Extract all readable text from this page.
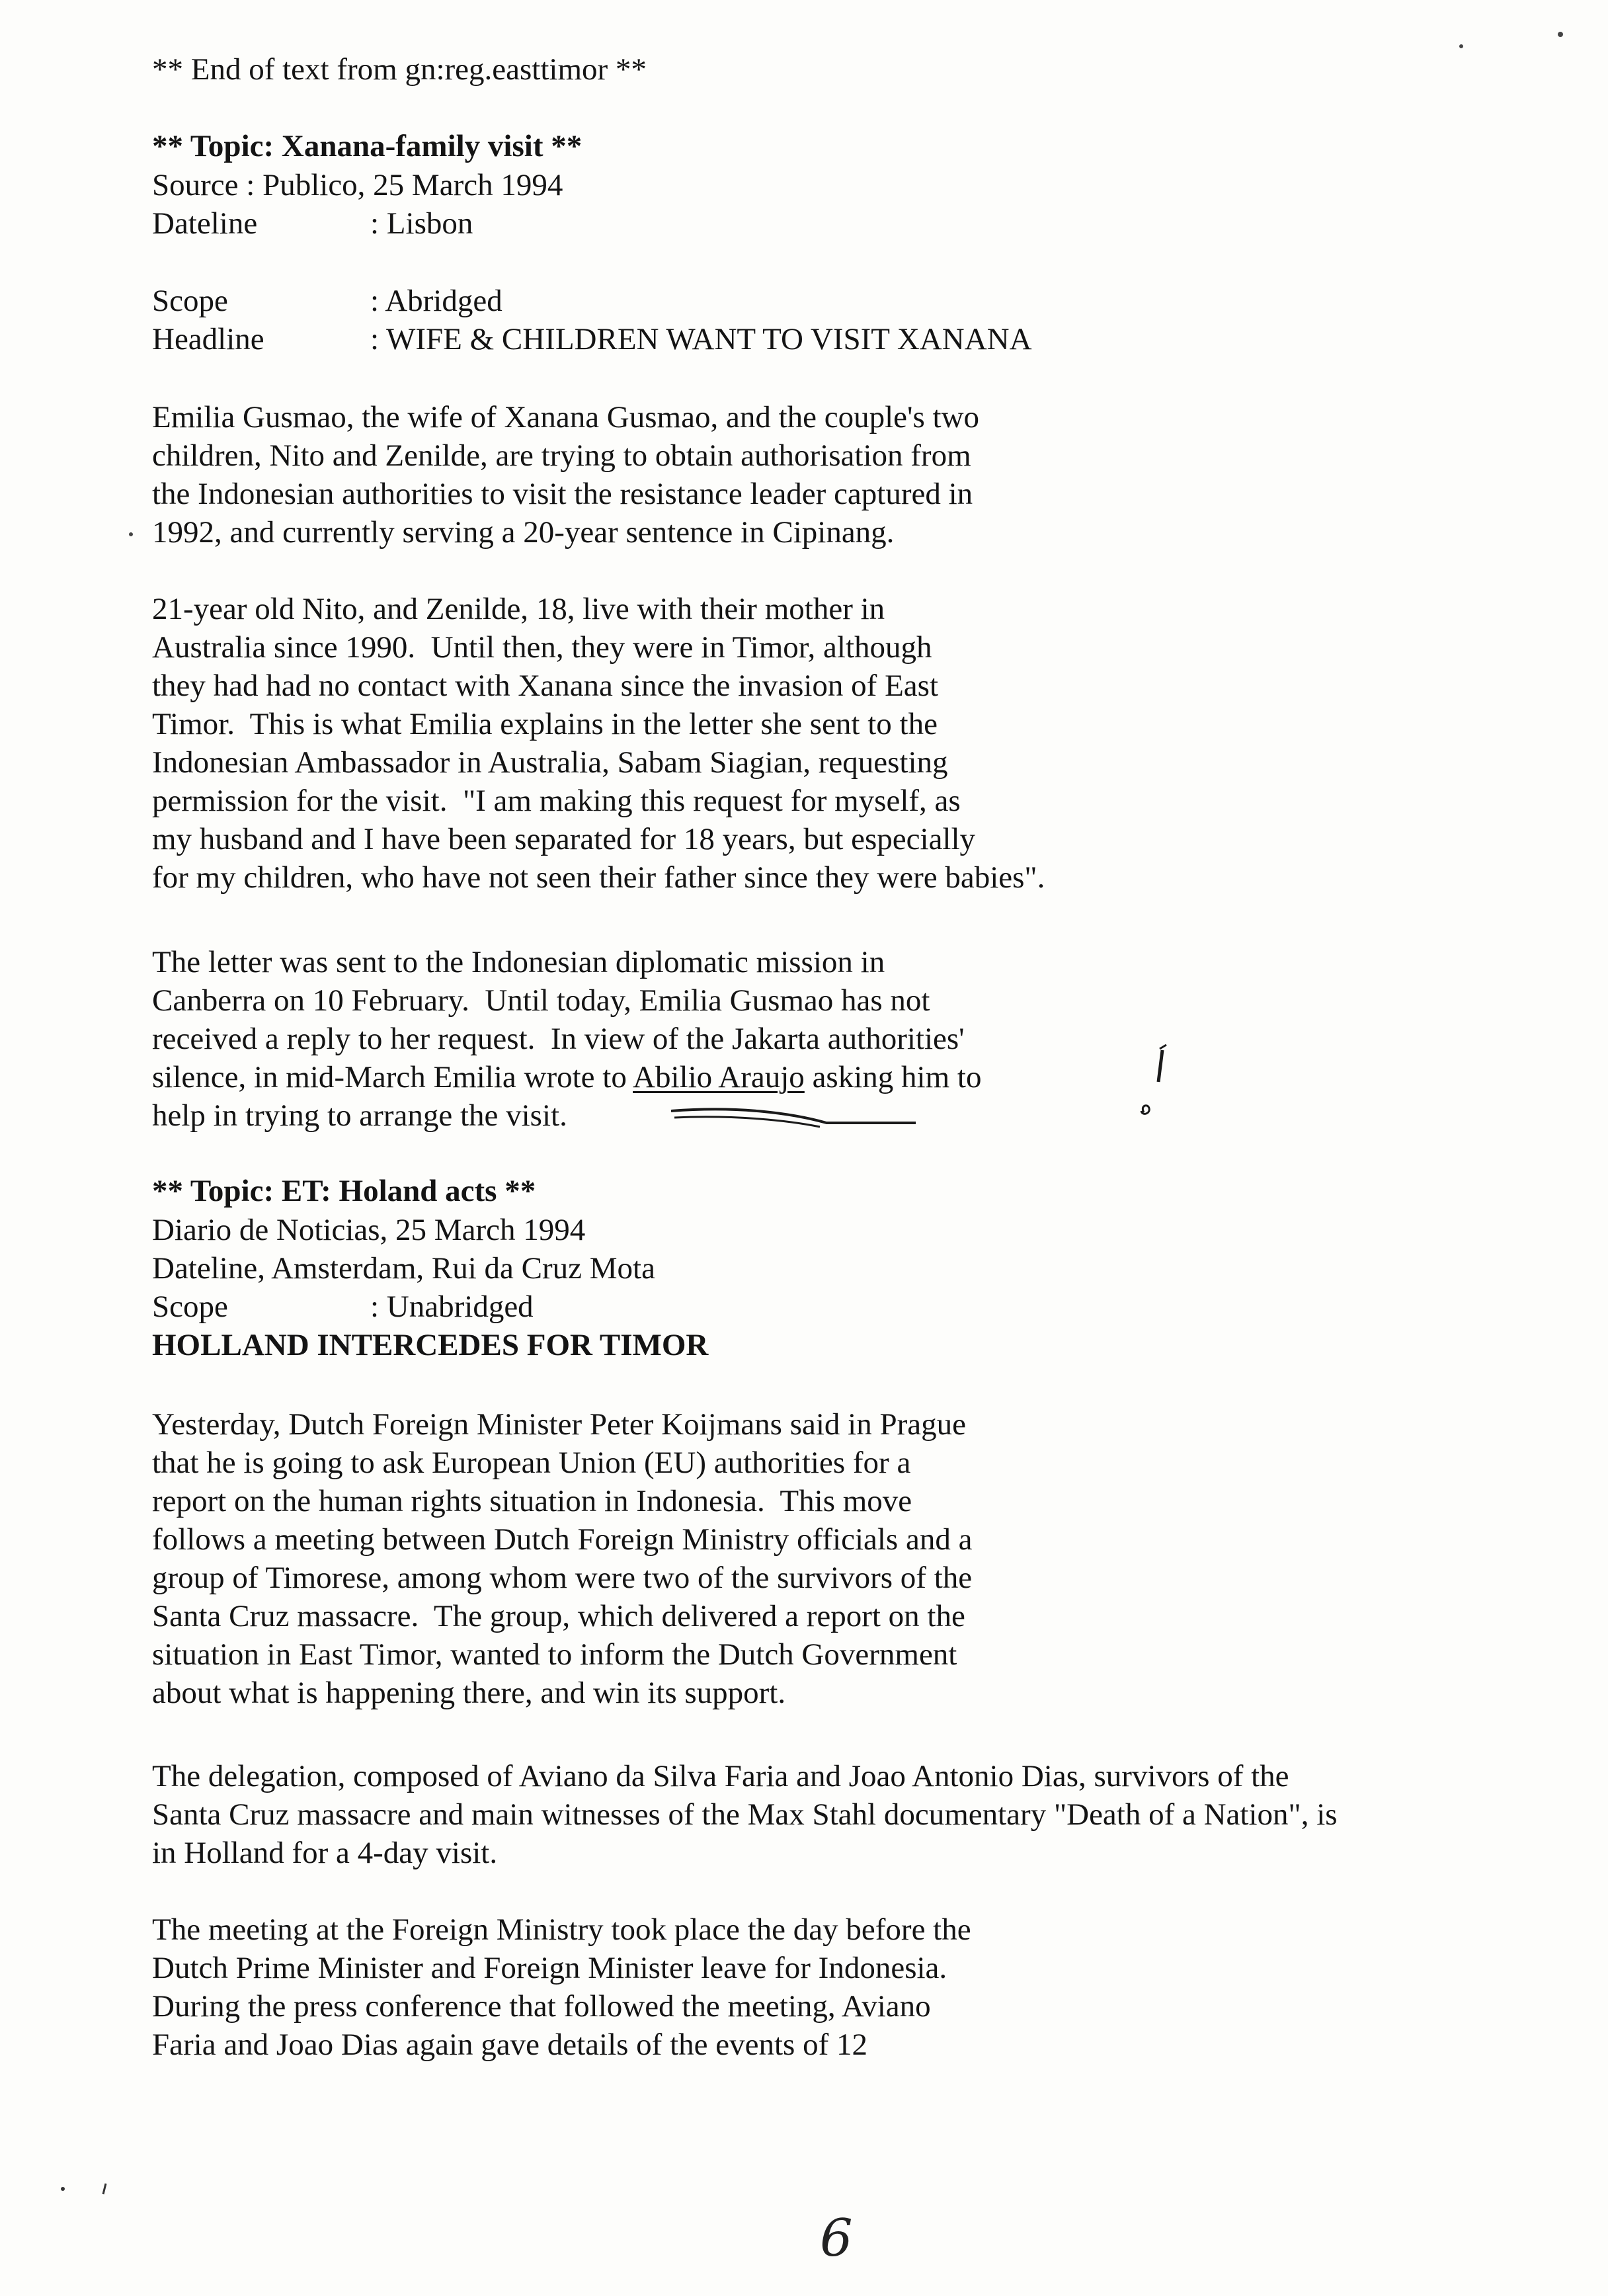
** End of text from gn:reg.easttimor **
** Topic: Xanana-family visit **
Source : Publico, 25 March 1994
Dateline	: Lisbon
Scope	: Abridged
Headline	: WIFE & CHILDREN WANT TO VISIT XANANA
Emilia Gusmao, the wife of Xanana Gusmao, and the couple's two
children, Nito and Zenilde, are trying to obtain authorisation from
the Indonesian authorities to visit the resistance leader captured in
1992, and currently serving a 20-year sentence in Cipinang.
21-year old Nito, and Zenilde, 18, live with their mother in
Australia since 1990.  Until then, they were in Timor, although
they had had no contact with Xanana since the invasion of East
Timor.  This is what Emilia explains in the letter she sent to the
Indonesian Ambassador in Australia, Sabam Siagian, requesting
permission for the visit.  "I am making this request for myself, as
my husband and I have been separated for 18 years, but especially
for my children, who have not seen their father since they were babies".
The letter was sent to the Indonesian diplomatic mission in
Canberra on 10 February.  Until today, Emilia Gusmao has not
received a reply to her request.  In view of the Jakarta authorities'
silence, in mid-March Emilia wrote to Abilio Araujo asking him to
help in trying to arrange the visit.
** Topic: ET: Holand acts **
Diario de Noticias, 25 March 1994
Dateline, Amsterdam, Rui da Cruz Mota
Scope	: Unabridged
HOLLAND INTERCEDES FOR TIMOR
Yesterday, Dutch Foreign Minister Peter Koijmans said in Prague
that he is going to ask European Union (EU) authorities for a
report on the human rights situation in Indonesia.  This move
follows a meeting between Dutch Foreign Ministry officials and a
group of Timorese, among whom were two of the survivors of the
Santa Cruz massacre.  The group, which delivered a report on the
situation in East Timor, wanted to inform the Dutch Government
about what is happening there, and win its support.
The delegation, composed of Aviano da Silva Faria and Joao Antonio Dias, survivors of the
Santa Cruz massacre and main witnesses of the Max Stahl documentary "Death of a Nation", is
in Holland for a 4-day visit.
The meeting at the Foreign Ministry took place the day before the
Dutch Prime Minister and Foreign Minister leave for Indonesia.
During the press conference that followed the meeting, Aviano
Faria and Joao Dias again gave details of the events of 12
6
